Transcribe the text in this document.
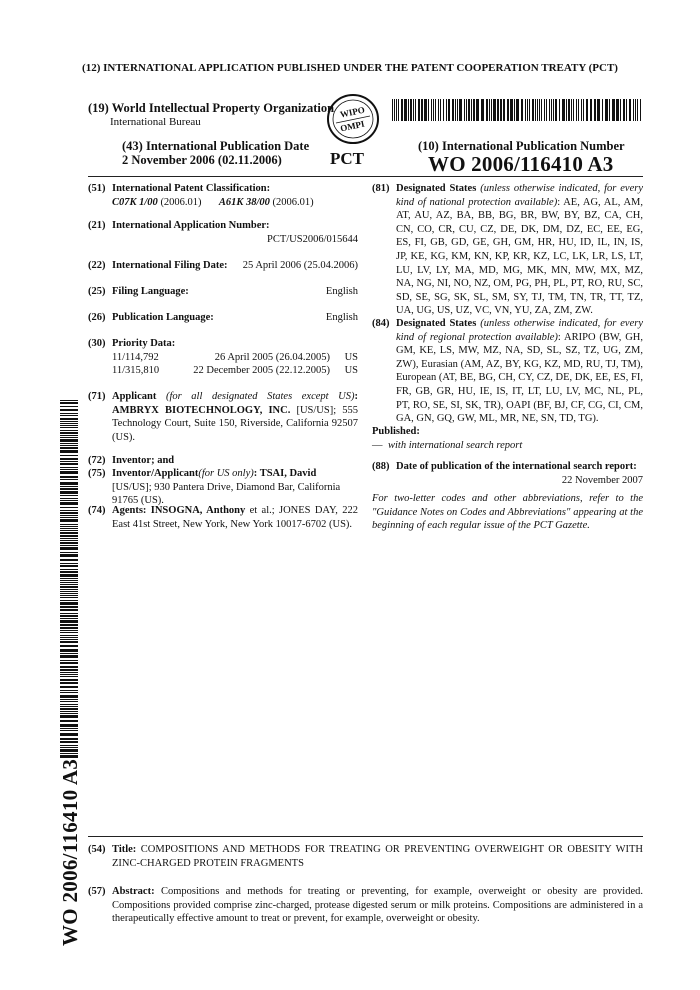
(12) INTERNATIONAL APPLICATION PUBLISHED UNDER THE PATENT COOPERATION TREATY (PCT)
(19) World Intellectual Property Organization
International Bureau
WIPO
OMPI
(43) International Publication Date
2 November 2006 (02.11.2006)	PCT
(10) International Publication Number
WO 2006/116410 A3
(51) International Patent Classification:
C07K 1/00 (2006.01) A61K 38/00 (2006.01)
(21) International Application Number:
PCT/US2006/015644
(22) International Filing Date: 25 April 2006 (25.04.2006)
(25) Filing Language:	English
(26) Publication Language:	English
(30) Priority Data:
11/114,792	26 April 2005 (26.04.2005) US
11/315,810	22 December 2005 (22.12.2005) US
(71) Applicant (for all designated States except US): AMBRYX BIOTECHNOLOGY, INC. [US/US]; 555 Technology Court, Suite 150, Riverside, California 92507 (US).
(72) Inventor; and
(75) Inventor/Applicant(for US only): TSAI, David [US/US]; 930 Pantera Drive, Diamond Bar, California 91765 (US).
(74) Agents: INSOGNA, Anthony et al.; JONES DAY, 222 East 41st Street, New York, New York 10017-6702 (US).
(81) Designated States (unless otherwise indicated, for every kind of national protection available): AE, AG, AL, AM, AT, AU, AZ, BA, BB, BG, BR, BW, BY, BZ, CA, CH, CN, CO, CR, CU, CZ, DE, DK, DM, DZ, EC, EE, EG, ES, FI, GB, GD, GE, GH, GM, HR, HU, ID, IL, IN, IS, JP, KE, KG, KM, KN, KP, KR, KZ, LC, LK, LR, LS, LT, LU, LV, LY, MA, MD, MG, MK, MN, MW, MX, MZ, NA, NG, NI, NO, NZ, OM, PG, PH, PL, PT, RO, RU, SC, SD, SE, SG, SK, SL, SM, SY, TJ, TM, TN, TR, TT, TZ, UA, UG, US, UZ, VC, VN, YU, ZA, ZM, ZW.
(84) Designated States (unless otherwise indicated, for every kind of regional protection available): ARIPO (BW, GH, GM, KE, LS, MW, MZ, NA, SD, SL, SZ, TZ, UG, ZM, ZW), Eurasian (AM, AZ, BY, KG, KZ, MD, RU, TJ, TM), European (AT, BE, BG, CH, CY, CZ, DE, DK, EE, ES, FI, FR, GB, GR, HU, IE, IS, IT, LT, LU, LV, MC, NL, PL, PT, RO, SE, SI, SK, TR), OAPI (BF, BJ, CF, CG, CI, CM, GA, GN, GQ, GW, ML, MR, NE, SN, TD, TG).
Published:
— with international search report
(88) Date of publication of the international search report:
22 November 2007
For two-letter codes and other abbreviations, refer to the "Guidance Notes on Codes and Abbreviations" appearing at the beginning of each regular issue of the PCT Gazette.
WO 2006/116410 A3 (54) Title: COMPOSITIONS AND METHODS FOR TREATING OR PREVENTING OVERWEIGHT OR OBESITY WITH ZINC-CHARGED PROTEIN FRAGMENTS
(57) Abstract: Compositions and methods for treating or preventing, for example, overweight or obesity are provided. Compositions provided comprise zinc-charged, protease digested serum or milk proteins. Compositions are administered in a therapeutically effective amount to treat or prevent, for example, overweight or obesity.
